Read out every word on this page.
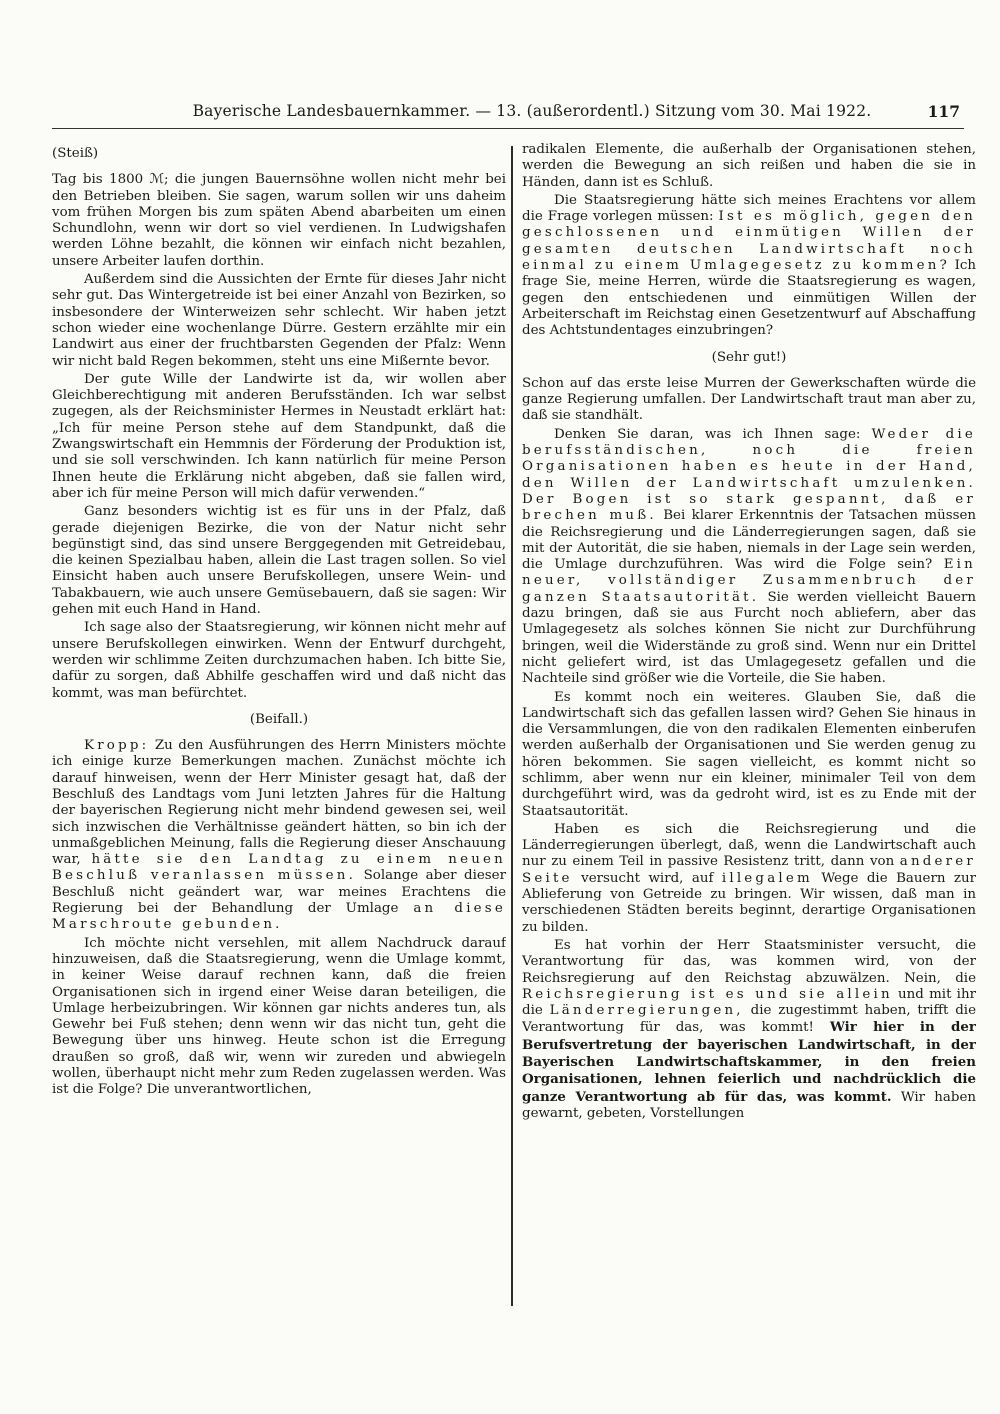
Bayerische Landesbauernkammer. — 13. (außerordentl.) Sitzung vom 30. Mai 1922.	117
(Steiß)

Tag bis 1800 ℳ; die jungen Bauernsöhne wollen nicht mehr bei den Betrieben bleiben. Sie sagen, warum sollen wir uns daheim vom frühen Morgen bis zum späten Abend abarbeiten um einen Schundlohn, wenn wir dort so viel verdienen. In Ludwigshafen werden Löhne bezahlt, die können wir einfach nicht bezahlen, unsere Arbeiter laufen dorthin.

Außerdem sind die Aussichten der Ernte für dieses Jahr nicht sehr gut. Das Wintergetreide ist bei einer Anzahl von Bezirken, so insbesondere der Winterweizen sehr schlecht. Wir haben jetzt schon wieder eine wochenlange Dürre. Gestern erzählte mir ein Landwirt aus einer der fruchtbarsten Gegenden der Pfalz: Wenn wir nicht bald Regen bekommen, steht uns eine Mißernte bevor.

Der gute Wille der Landwirte ist da, wir wollen aber Gleichberechtigung mit anderen Berufsständen. Ich war selbst zugegen, als der Reichsminister Hermes in Neustadt erklärt hat: „Ich für meine Person stehe auf dem Standpunkt, daß die Zwangswirtschaft ein Hemmnis der Förderung der Produktion ist, und sie soll verschwinden. Ich kann natürlich für meine Person Ihnen heute die Erklärung nicht abgeben, daß sie fallen wird, aber ich für meine Person will mich dafür verwenden.“

Ganz besonders wichtig ist es für uns in der Pfalz, daß gerade diejenigen Bezirke, die von der Natur nicht sehr begünstigt sind, das sind unsere Berggegenden mit Getreidebau, die keinen Spezialbau haben, allein die Last tragen sollen. So viel Einsicht haben auch unsere Berufskollegen, unsere Wein- und Tabakbauern, wie auch unsere Gemüsebauern, daß sie sagen: Wir gehen mit euch Hand in Hand.

Ich sage also der Staatsregierung, wir können nicht mehr auf unsere Berufskollegen einwirken. Wenn der Entwurf durchgeht, werden wir schlimme Zeiten durchzumachen haben. Ich bitte Sie, dafür zu sorgen, daß Abhilfe geschaffen wird und daß nicht das kommt, was man befürchtet.

(Beifall.)

Kropp: Zu den Ausführungen des Herrn Ministers möchte ich einige kurze Bemerkungen machen. Zunächst möchte ich darauf hinweisen, wenn der Herr Minister gesagt hat, daß der Beschluß des Landtags vom Juni letzten Jahres für die Haltung der bayerischen Regierung nicht mehr bindend gewesen sei, weil sich inzwischen die Verhältnisse geändert hätten, so bin ich der unmaßgeblichen Meinung, falls die Regierung dieser Anschauung war, hätte sie den Landtag zu einem neuen Beschluß veranlassen müssen. Solange aber dieser Beschluß nicht geändert war, war meines Erachtens die Regierung bei der Behandlung der Umlage an diese Marschroute gebunden.

Ich möchte nicht versehlen, mit allem Nachdruck darauf hinzuweisen, daß die Staatsregierung, wenn die Umlage kommt, in keiner Weise darauf rechnen kann, daß die freien Organisationen sich in irgend einer Weise daran beteiligen, die Umlage herbeizubringen. Wir können gar nichts anderes tun, als Gewehr bei Fuß stehen; denn wenn wir das nicht tun, geht die Bewegung über uns hinweg. Heute schon ist die Erregung draußen so groß, daß wir, wenn wir zureden und abwiegeln wollen, überhaupt nicht mehr zum Reden zugelassen werden. Was ist die Folge? Die unverantwortlichen,

radikalen Elemente, die außerhalb der Organisationen stehen, werden die Bewegung an sich reißen und haben die sie in Händen, dann ist es Schluß.

Die Staatsregierung hätte sich meines Erachtens vor allem die Frage vorlegen müssen: Ist es möglich, gegen den geschlossenen und einmütigen Willen der gesamten deutschen Landwirtschaft noch einmal zu einem Umlagegesetz zu kommen? Ich frage Sie, meine Herren, würde die Staatsregierung es wagen, gegen den entschiedenen und einmütigen Willen der Arbeiterschaft im Reichstag einen Gesetzentwurf auf Abschaffung des Achtstundentages einzubringen?

(Sehr gut!)

Schon auf das erste leise Murren der Gewerkschaften würde die ganze Regierung umfallen. Der Landwirtschaft traut man aber zu, daß sie standhält.

Denken Sie daran, was ich Ihnen sage: Weder die berufsständischen, noch die freien Organisationen haben es heute in der Hand, den Willen der Landwirtschaft umzulenken. Der Bogen ist so stark gespannt, daß er brechen muß. Bei klarer Erkenntnis der Tatsachen müssen die Reichsregierung und die Länderregierungen sagen, daß sie mit der Autorität, die sie haben, niemals in der Lage sein werden, die Umlage durchzuführen. Was wird die Folge sein? Ein neuer, vollständiger Zusammenbruch der ganzen Staatsautorität. Sie werden vielleicht Bauern dazu bringen, daß sie aus Furcht noch abliefern, aber das Umlagegesetz als solches können Sie nicht zur Durchführung bringen, weil die Widerstände zu groß sind. Wenn nur ein Drittel nicht geliefert wird, ist das Umlagegesetz gefallen und die Nachteile sind größer wie die Vorteile, die Sie haben.

Es kommt noch ein weiteres. Glauben Sie, daß die Landwirtschaft sich das gefallen lassen wird? Gehen Sie hinaus in die Versammlungen, die von den radikalen Elementen einberufen werden außerhalb der Organisationen und Sie werden genug zu hören bekommen. Sie sagen vielleicht, es kommt nicht so schlimm, aber wenn nur ein kleiner, minimaler Teil von dem durchgeführt wird, was da gedroht wird, ist es zu Ende mit der Staatsautorität.

Haben es sich die Reichsregierung und die Länderregierungen überlegt, daß, wenn die Landwirtschaft auch nur zu einem Teil in passive Resistenz tritt, dann von anderer Seite versucht wird, auf illegalem Wege die Bauern zur Ablieferung von Getreide zu bringen. Wir wissen, daß man in verschiedenen Städten bereits beginnt, derartige Organisationen zu bilden.

Es hat vorhin der Herr Staatsminister versucht, die Verantwortung für das, was kommen wird, von der Reichsregierung auf den Reichstag abzuwälzen. Nein, die Reichsregierung ist es und sie allein und mit ihr die Länderregierungen, die zugestimmt haben, trifft die Verantwortung für das, was kommt! Wir hier in der Berufsvertretung der bayerischen Landwirtschaft, in der Bayerischen Landwirtschaftskammer, in den freien Organisationen, lehnen feierlich und nachdrücklich die ganze Verantwortung ab für das, was kommt. Wir haben gewarnt, gebeten, Vorstellungen
